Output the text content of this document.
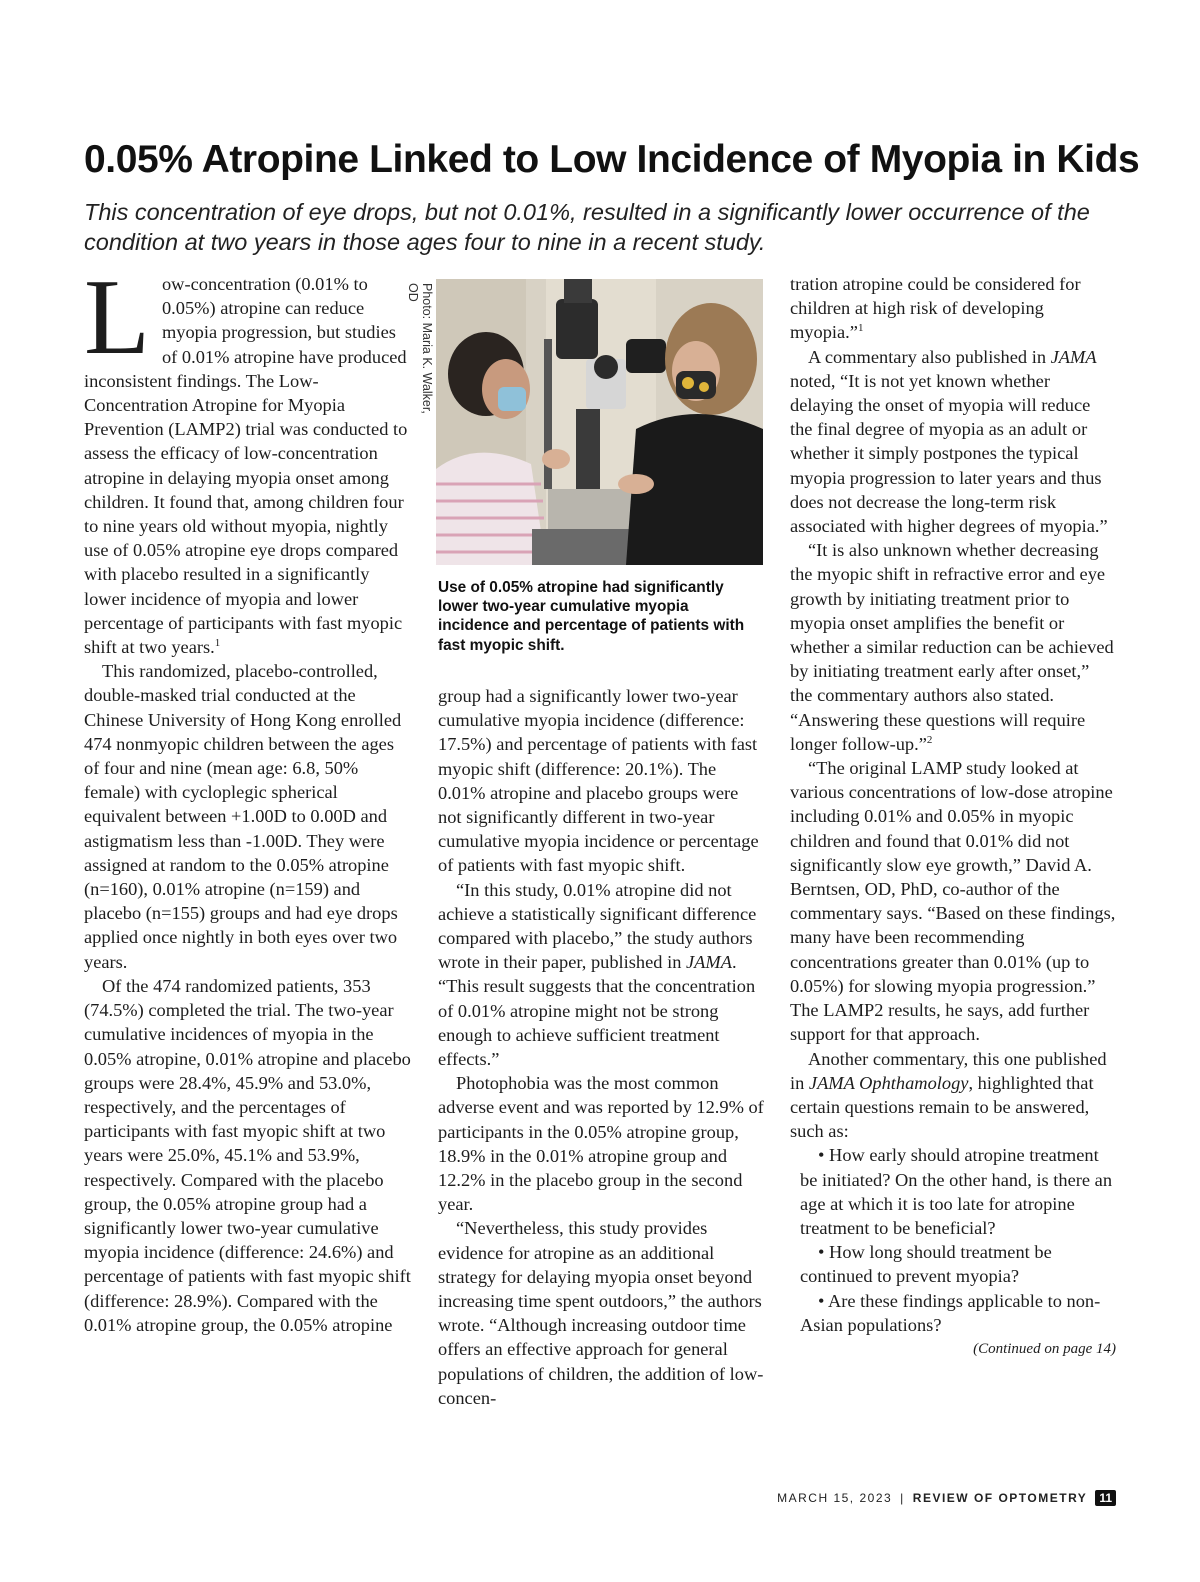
0.05% Atropine Linked to Low Incidence of Myopia in Kids

This concentration of eye drops, but not 0.01%, resulted in a significantly lower occurrence of the condition at two years in those ages four to nine in a recent study.

Low-concentration (0.01% to 0.05%) atropine can reduce myopia progression, but studies of 0.01% atropine have produced inconsistent findings. The Low-Concentration Atropine for Myopia Prevention (LAMP2) trial was conducted to assess the efficacy of low-concentration atropine in delaying myopia onset among children. It found that, among children four to nine years old without myopia, nightly use of 0.05% atropine eye drops compared with placebo resulted in a significantly lower incidence of myopia and lower percentage of participants with fast myopic shift at two years.$^1$

This randomized, placebo-controlled, double-masked trial conducted at the Chinese University of Hong Kong enrolled 474 nonmyopic children between the ages of four and nine (mean age: 6.8, 50% female) with cycloplegic spherical equivalent between +1.00D to 0.00D and astigmatism less than -1.00D. They were assigned at random to the 0.05% atropine (n=160), 0.01% atropine (n=159) and placebo (n=155) groups and had eye drops applied once nightly in both eyes over two years.

Of the 474 randomized patients, 353 (74.5%) completed the trial. The two-year cumulative incidences of myopia in the 0.05% atropine, 0.01% atropine and placebo groups were 28.4%, 45.9% and 53.0%, respectively, and the percentages of participants with fast myopic shift at two years were 25.0%, 45.1% and 53.9%, respectively. Compared with the placebo group, the 0.05% atropine group had a significantly lower two-year cumulative myopia incidence (difference: 24.6%) and percentage of patients with fast myopic shift (difference: 28.9%). Compared with the 0.01% atropine group, the 0.05% atropine

Photo: Maria K. Walker, OD

Use of 0.05% atropine had significantly lower two-year cumulative myopia incidence and percentage of patients with fast myopic shift.

group had a significantly lower two-year cumulative myopia incidence (difference: 17.5%) and percentage of patients with fast myopic shift (difference: 20.1%). The 0.01% atropine and placebo groups were not significantly different in two-year cumulative myopia incidence or percentage of patients with fast myopic shift.

“In this study, 0.01% atropine did not achieve a statistically significant difference compared with placebo,” the study authors wrote in their paper, published in JAMA. “This result suggests that the concentration of 0.01% atropine might not be strong enough to achieve sufficient treatment effects.”

Photophobia was the most common adverse event and was reported by 12.9% of participants in the 0.05% atropine group, 18.9% in the 0.01% atropine group and 12.2% in the placebo group in the second year.

“Nevertheless, this study provides evidence for atropine as an additional strategy for delaying myopia onset beyond increasing time spent outdoors,” the authors wrote. “Although increasing outdoor time offers an effective approach for general populations of children, the addition of low-concen-

tration atropine could be considered for children at high risk of developing myopia.”$^1$

A commentary also published in JAMA noted, “It is not yet known whether delaying the onset of myopia will reduce the final degree of myopia as an adult or whether it simply postpones the typical myopia progression to later years and thus does not decrease the long-term risk associated with higher degrees of myopia.”

“It is also unknown whether decreasing the myopic shift in refractive error and eye growth by initiating treatment prior to myopia onset amplifies the benefit or whether a similar reduction can be achieved by initiating treatment early after onset,” the commentary authors also stated. “Answering these questions will require longer follow-up.”$^2$

“The original LAMP study looked at various concentrations of low-dose atropine including 0.01% and 0.05% in myopic children and found that 0.01% did not significantly slow eye growth,” David A. Berntsen, OD, PhD, co-author of the commentary says. “Based on these findings, many have been recommending concentrations greater than 0.01% (up to 0.05%) for slowing myopia progression.” The LAMP2 results, he says, add further support for that approach.

Another commentary, this one published in JAMA Ophthamology, highlighted that certain questions remain to be answered, such as:

• How early should atropine treatment be initiated? On the other hand, is there an age at which it is too late for atropine treatment to be beneficial?

• How long should treatment be continued to prevent myopia?

• Are these findings applicable to non-Asian populations?

(Continued on page 14)

MARCH 15, 2023 | REVIEW OF OPTOMETRY	11
